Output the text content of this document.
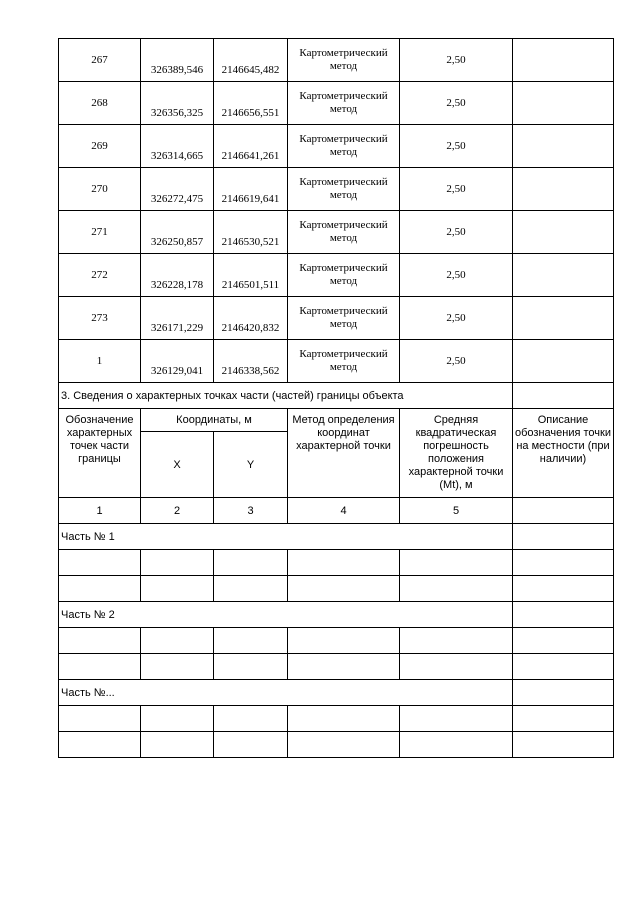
267	326389,546	2146645,482	Картометрический метод	2,50	
268	326356,325	2146656,551	Картометрический метод	2,50	
269	326314,665	2146641,261	Картометрический метод	2,50	
270	326272,475	2146619,641	Картометрический метод	2,50	
271	326250,857	2146530,521	Картометрический метод	2,50	
272	326228,178	2146501,511	Картометрический метод	2,50	
273	326171,229	2146420,832	Картометрический метод	2,50	
1	326129,041	2146338,562	Картометрический метод	2,50	
3. Сведения о характерных точках части (частей) границы объекта					
Обозначение характерных точек части границы	Координаты, м		Метод определения координат характерной точки	Средняя квадратическая погрешность положения характерной точки (Mt), м	Описание обозначения точки на местности (при наличии)
	X	Y			
1	2	3	4	5	
Часть № 1					

Часть № 2					

Часть №...					
